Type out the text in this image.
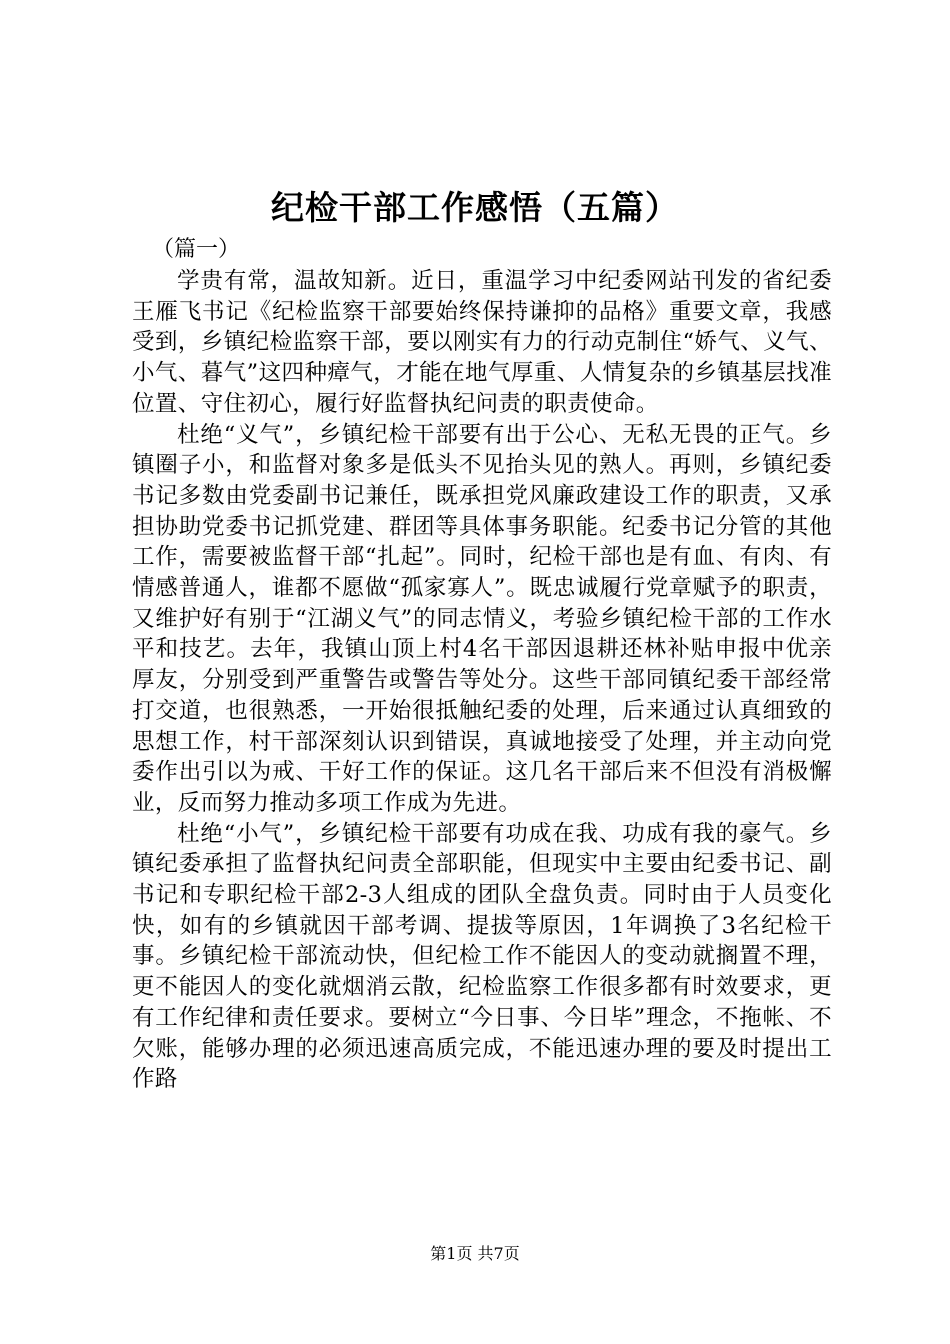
纪检干部工作感悟（五篇）
（篇一）

学贵有常，温故知新。近日，重温学习中纪委网站刊发的省纪委王雁飞书记《纪检监察干部要始终保持谦抑的品格》重要文章，我感受到，乡镇纪检监察干部，要以刚实有力的行动克制住“娇气、义气、小气、暮气”这四种瘴气，才能在地气厚重、人情复杂的乡镇基层找准位置、守住初心，履行好监督执纪问责的职责使命。

杜绝“义气”，乡镇纪检干部要有出于公心、无私无畏的正气。乡镇圈子小，和监督对象多是低头不见抬头见的熟人。再则，乡镇纪委书记多数由党委副书记兼任，既承担党风廉政建设工作的职责，又承担协助党委书记抓党建、群团等具体事务职能。纪委书记分管的其他工作，需要被监督干部“扎起”。同时，纪检干部也是有血、有肉、有情感普通人，谁都不愿做“孤家寡人”。既忠诚履行党章赋予的职责，又维护好有别于“江湖义气”的同志情义，考验乡镇纪检干部的工作水平和技艺。去年，我镇山顶上村4名干部因退耕还林补贴申报中优亲厚友，分别受到严重警告或警告等处分。这些干部同镇纪委干部经常打交道，也很熟悉，一开始很抵触纪委的处理，后来通过认真细致的思想工作，村干部深刻认识到错误，真诚地接受了处理，并主动向党委作出引以为戒、干好工作的保证。这几名干部后来不但没有消极懈业，反而努力推动多项工作成为先进。

杜绝“小气”，乡镇纪检干部要有功成在我、功成有我的豪气。乡镇纪委承担了监督执纪问责全部职能，但现实中主要由纪委书记、副书记和专职纪检干部2-3人组成的团队全盘负责。同时由于人员变化快，如有的乡镇就因干部考调、提拔等原因，1年调换了3名纪检干事。乡镇纪检干部流动快，但纪检工作不能因人的变动就搁置不理，更不能因人的变化就烟消云散，纪检监察工作很多都有时效要求，更有工作纪律和责任要求。要树立“今日事、今日毕”理念，不拖帐、不欠账，能够办理的必须迅速高质完成，不能迅速办理的要及时提出工作路

第1页 共7页
